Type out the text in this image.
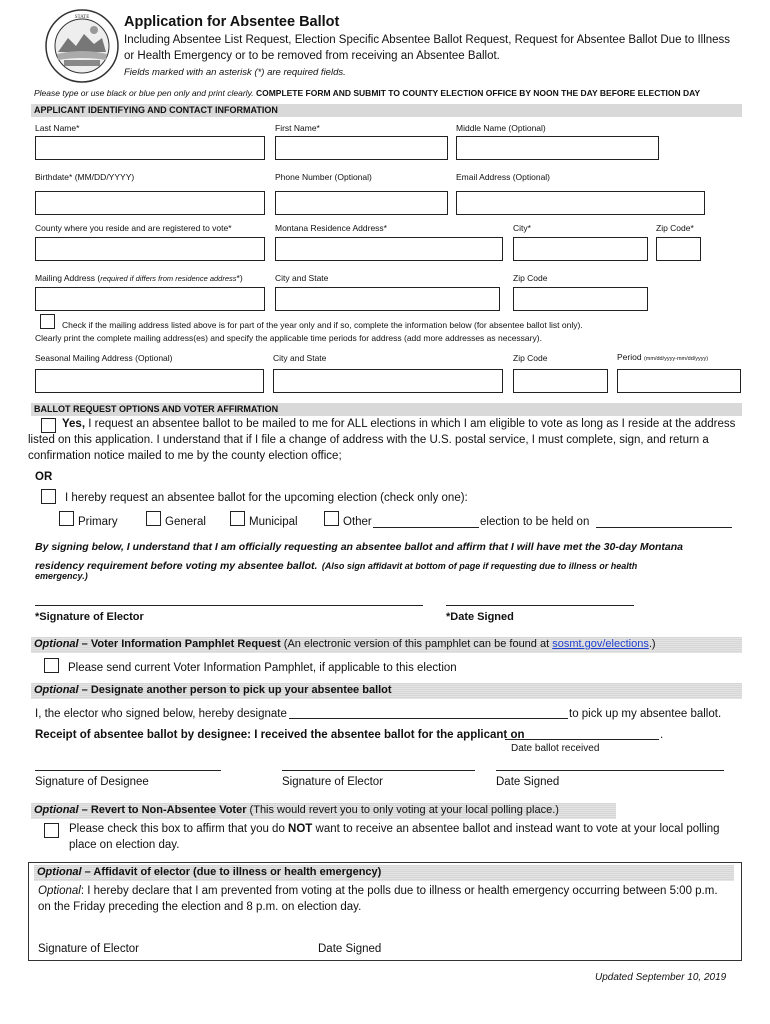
STATE Application for Absentee Ballot
Including Absentee List Request, Election Specific Absentee Ballot Request, Request for Absentee Ballot Due to Illness
or Health Emergency or to be removed from receiving an Absentee Ballot.
Fields marked with an asterisk (*) are required fields.
Please type or use black or blue pen only and print clearly. COMPLETE FORM AND SUBMIT TO COUNTY ELECTION OFFICE BY NOON THE DAY BEFORE ELECTION DAY
APPLICANT IDENTIFYING AND CONTACT INFORMATION
Last Name*	First Name*	Middle Name (Optional)
Birthdate* (MM/DD/YYYY)	Phone Number (Optional)	Email Address (Optional)
County where you reside and are registered to vote*	Montana Residence Address*	City*	Zip Code*
Mailing Address (required if differs from residence address*)	City and State	Zip Code
Check if the mailing address listed above is for part of the year only and if so, complete the information below (for absentee ballot list only).
Clearly print the complete mailing address(es) and specify the applicable time periods for address (add more addresses as necessary).
Seasonal Mailing Address (Optional)	City and State	Zip Code	Period (mm/dd/yyyy-mm/dd/yyyy)
BALLOT REQUEST OPTIONS AND VOTER AFFIRMATION
Yes, I request an absentee ballot to be mailed to me for ALL elections in which I am eligible to vote as long as I reside at the address
listed on this application. I understand that if I file a change of address with the U.S. postal service, I must complete, sign, and return a
confirmation notice mailed to me by the county election office;
OR
I hereby request an absentee ballot for the upcoming election (check only one):
Primary	General	Municipal	Other	election to be held on
By signing below, I understand that I am officially requesting an absentee ballot and affirm that I will have met the 30-day Montana
residency requirement before voting my absentee ballot. (Also sign affidavit at bottom of page if requesting due to illness or health
emergency.)
*Signature of Elector	*Date Signed
Optional – Voter Information Pamphlet Request (An electronic version of this pamphlet can be found at sosmt.gov/elections.)
Please send current Voter Information Pamphlet, if applicable to this election
Optional – Designate another person to pick up your absentee ballot
I, the elector who signed below, hereby designate	to pick up my absentee ballot.
Receipt of absentee ballot by designee: I received the absentee ballot for the applicant on	.
Date ballot received
Signature of Designee	Signature of Elector	Date Signed
Optional – Revert to Non-Absentee Voter (This would revert you to only voting at your local polling place.)
Please check this box to affirm that you do NOT want to receive an absentee ballot and instead want to vote at your local polling
place on election day.
Optional – Affidavit of elector (due to illness or health emergency)
Optional: I hereby declare that I am prevented from voting at the polls due to illness or health emergency occurring between 5:00 p.m.
on the Friday preceding the election and 8 p.m. on election day.
Signature of Elector	Date Signed
Updated September 10, 2019
